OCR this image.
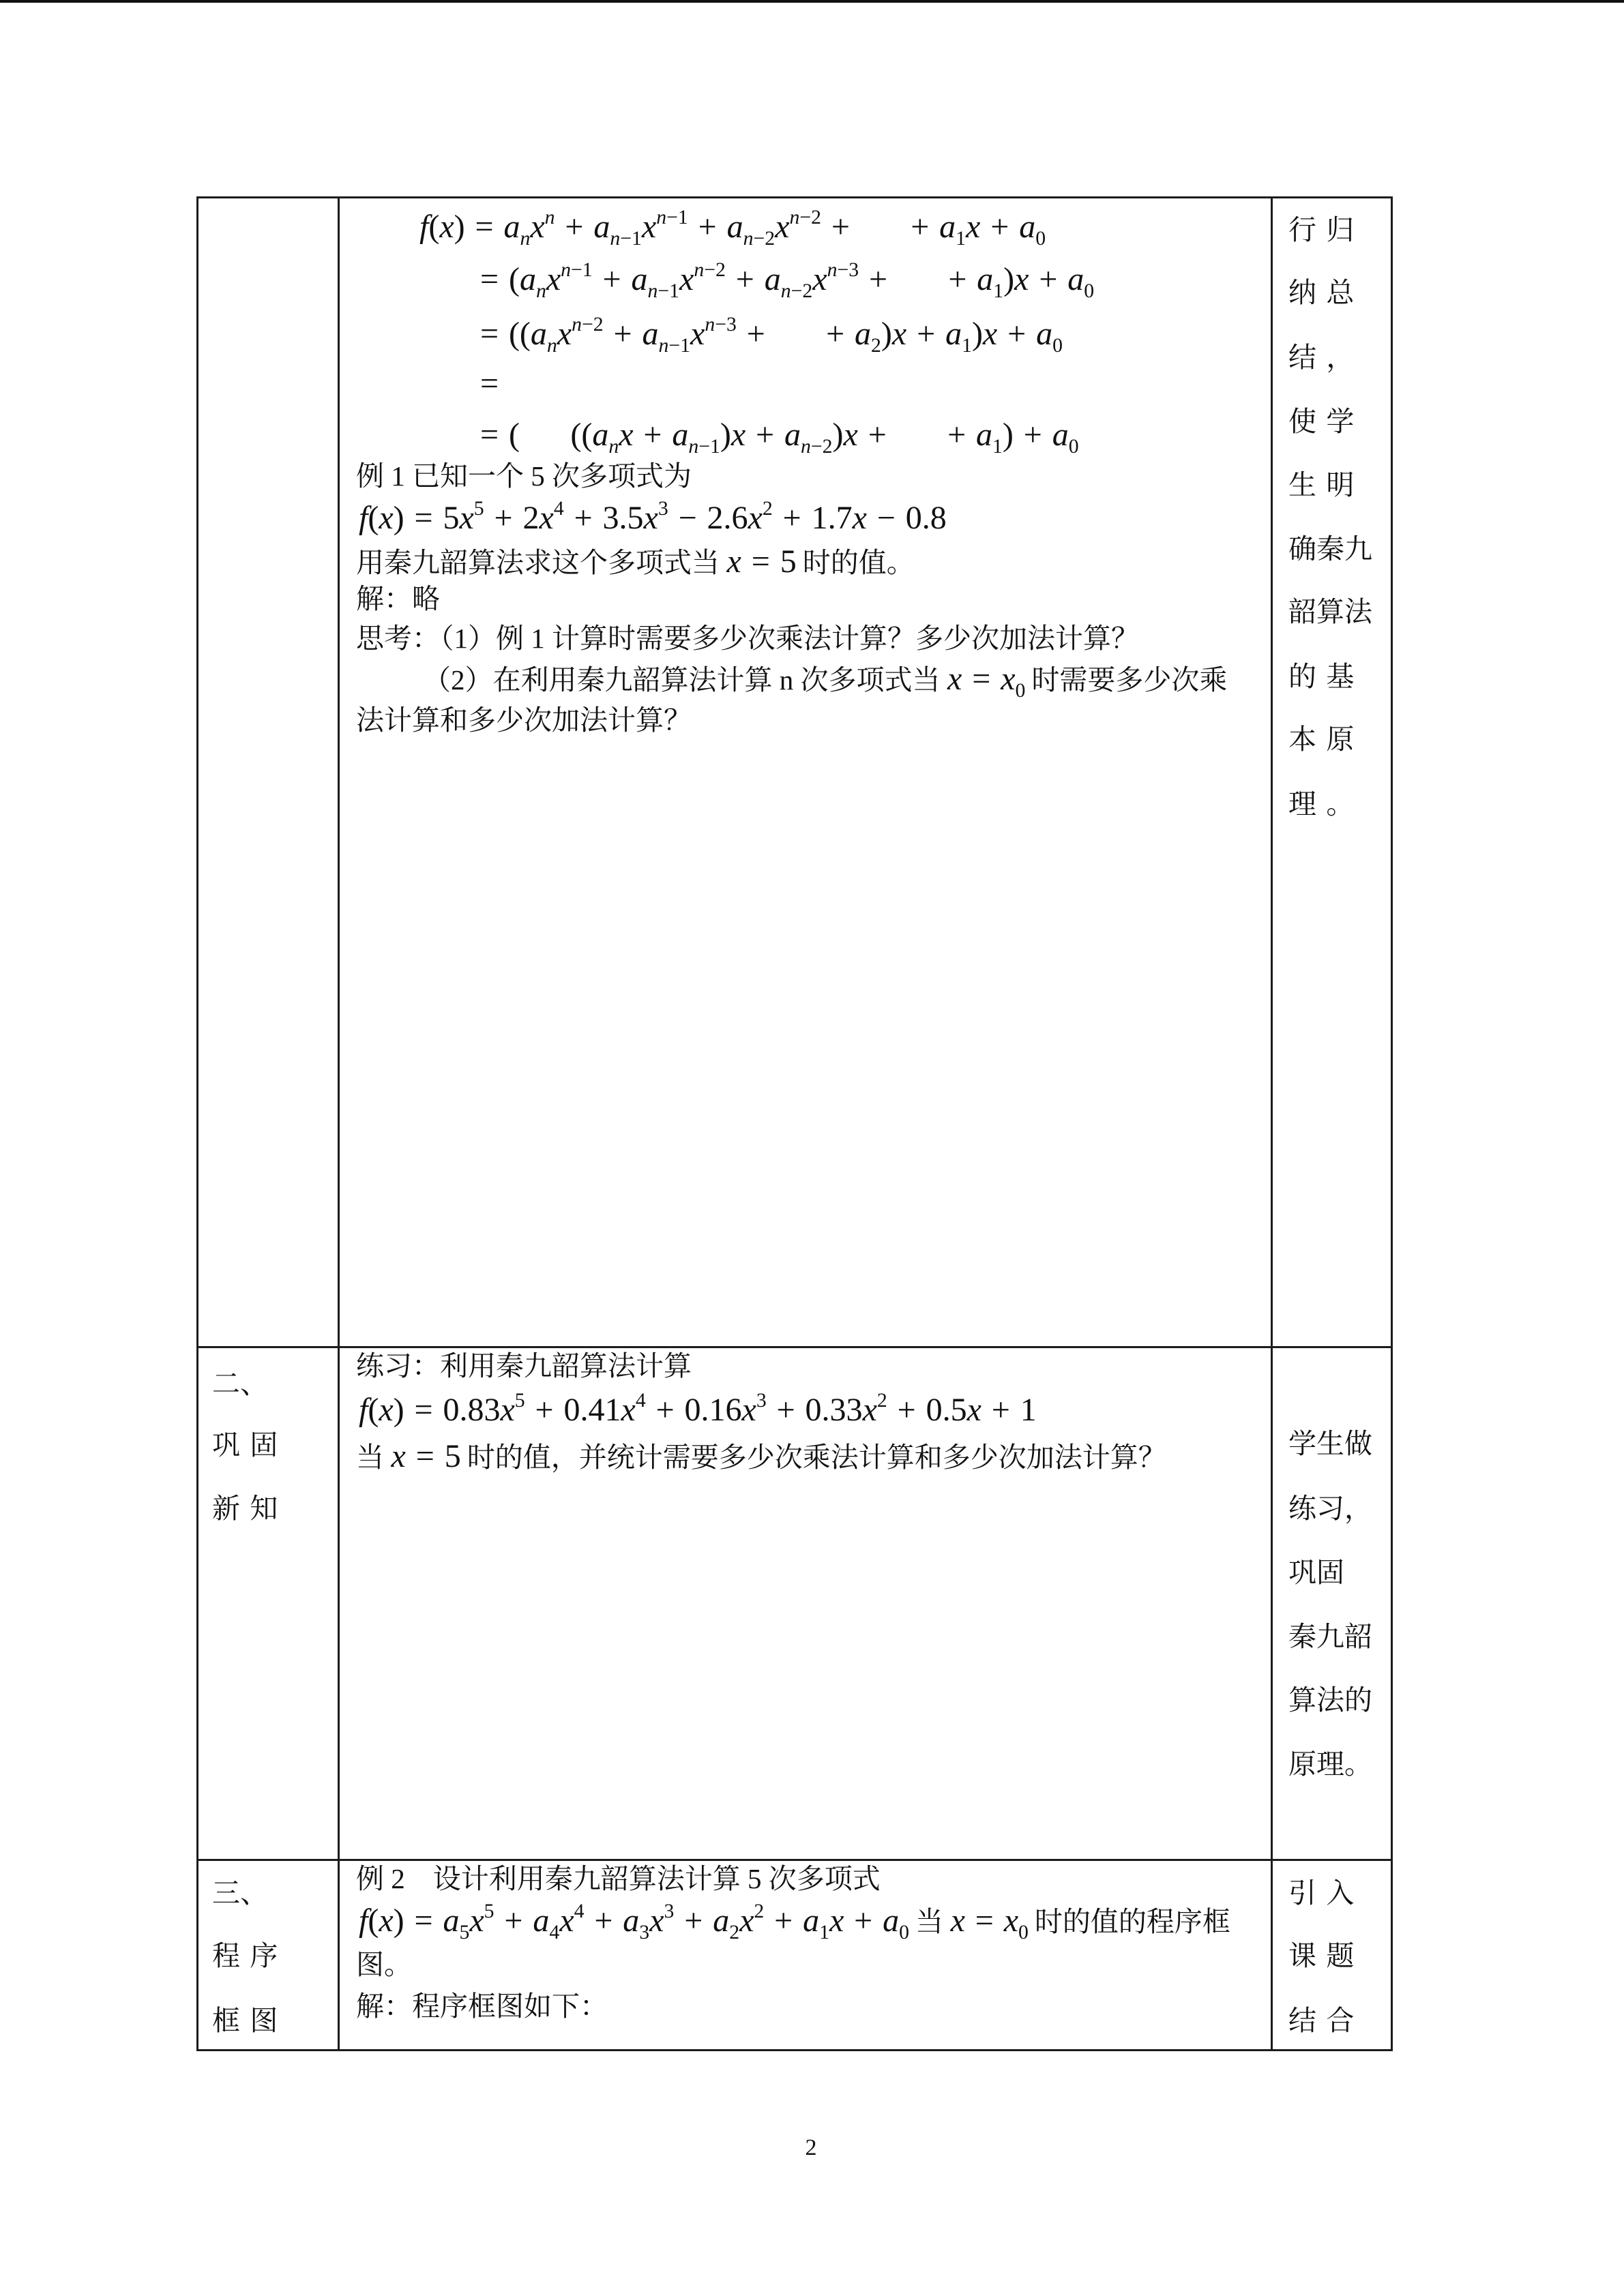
$f(x) = a_nx^n + a_{n-1}x^{n-1} + a_{n-2}x^{n-2}$ +      + $a_1x + a_0$
= ($a_nx^{n-1} + a_{n-1}x^{n-2} + a_{n-2}x^{n-3}$ +      + $a_1)x + a_0$
= (($a_nx^{n-2} + a_{n-1}x^{n-3}$ +      + $a_2)x + a_1)x + a_0$
=
= (     $((a_nx + a_{n-1})x + a_{n-2})x$ +      + $a_1) + a_0$
例 1 已知一个 5 次多项式为
$f(x) = 5x^5 + 2x^4 + 3.5x^3 - 2.6x^2 + 1.7x - 0.8$
用秦九韶算法求这个多项式当 x = 5 时的值。
解：略
思考：（1）例 1 计算时需要多少次乘法计算？多少次加法计算？
（2）在利用秦九韶算法计算 n 次多项式当 $x = x_0$ 时需要多少次乘
法计算和多少次加法计算？
行归
纳总
结，
使学
生明
确秦九
韶算法
的基
本原
理。
二、
巩固
新知
练习：利用秦九韶算法计算
$f(x) = 0.83x^5 + 0.41x^4 + 0.16x^3 + 0.33x^2 + 0.5x + 1$
当 x = 5 时的值，并统计需要多少次乘法计算和多少次加法计算？	学生做
练习，
巩固
秦九韶
算法的
原理。
三、
程序
框图
例 2　设计利用秦九韶算法计算 5 次多项式
$f(x) = a_5x^5 + a_4x^4 + a_3x^3 + a_2x^2 + a_1x + a_0$ 当 $x = x_0$ 时的值的程序框
图。
解：程序框图如下：
引入
课题
结合
2
